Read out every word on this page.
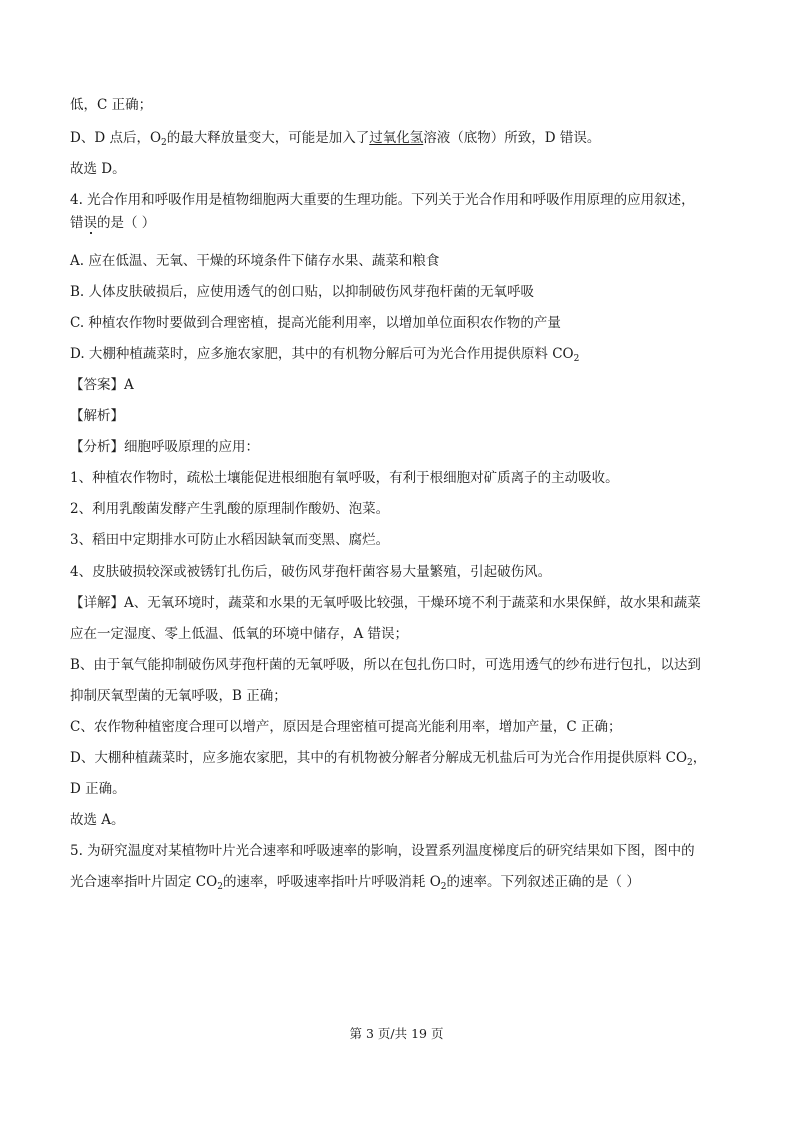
低，C 正确；
D、D 点后，$O_2$的最大释放量变大，可能是加入了过氧化氢溶液（底物）所致，D 错误。
故选 D。
4. 光合作用和呼吸作用是植物细胞两大重要的生理功能。下列关于光合作用和呼吸作用原理的应用叙述，
错误的是（ ）
A. 应在低温、无氧、干燥的环境条件下储存水果、蔬菜和粮食
B. 人体皮肤破损后，应使用透气的创口贴，以抑制破伤风芽孢杆菌的无氧呼吸
C. 种植农作物时要做到合理密植，提高光能利用率，以增加单位面积农作物的产量
D. 大棚种植蔬菜时，应多施农家肥，其中的有机物分解后可为光合作用提供原料 $CO_2$
【答案】A
【解析】
【分析】细胞呼吸原理的应用：
1、种植农作物时，疏松土壤能促进根细胞有氧呼吸，有利于根细胞对矿质离子的主动吸收。
2、利用乳酸菌发酵产生乳酸的原理制作酸奶、泡菜。
3、稻田中定期排水可防止水稻因缺氧而变黑、腐烂。
4、皮肤破损较深或被锈钉扎伤后，破伤风芽孢杆菌容易大量繁殖，引起破伤风。
【详解】A、无氧环境时，蔬菜和水果的无氧呼吸比较强，干燥环境不利于蔬菜和水果保鲜，故水果和蔬菜
应在一定湿度、零上低温、低氧的环境中储存，A 错误；
B、由于氧气能抑制破伤风芽孢杆菌的无氧呼吸，所以在包扎伤口时，可选用透气的纱布进行包扎，以达到
抑制厌氧型菌的无氧呼吸，B 正确；
C、农作物种植密度合理可以增产，原因是合理密植可提高光能利用率，增加产量，C 正确；
D、大棚种植蔬菜时，应多施农家肥，其中的有机物被分解者分解成无机盐后可为光合作用提供原料 $CO_2$，
D 正确。
故选 A。
5. 为研究温度对某植物叶片光合速率和呼吸速率的影响，设置系列温度梯度后的研究结果如下图，图中的
光合速率指叶片固定 $CO_2$的速率，呼吸速率指叶片呼吸消耗 $O_2$的速率。下列叙述正确的是（ ）
第 3 页/共 19 页
